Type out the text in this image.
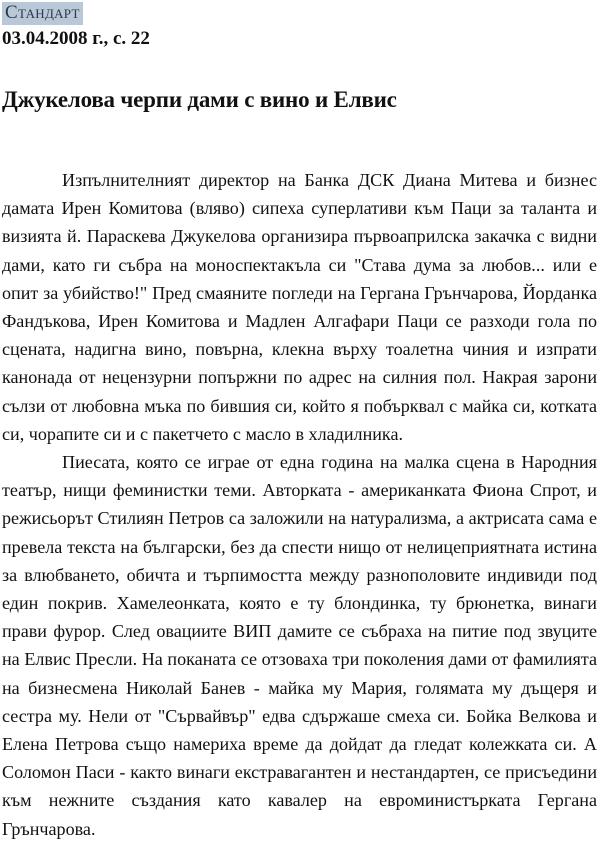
Стандарт
03.04.2008 г., с. 22
Джукелова черпи дами с вино и Елвис

Изпълнителният директор на Банка ДСК Диана Митева и бизнес дамата Ирен Комитова (вляво) сипеха суперлативи към Паци за таланта и визията й. Параскева Джукелова организира първоаприлска закачка с видни дами, като ги събра на моноспектакъла си "Става дума за любов... или е опит за убийство!" Пред смаяните погледи на Гергана Грънчарова, Йорданка Фандъкова, Ирен Комитова и Мадлен Алгафари Паци се разходи гола по сцената, надигна вино, повърна, клекна върху тоалетна чиния и изпрати канонада от нецензурни попържни по адрес на силния пол. Накрая зарони сълзи от любовна мъка по бившия си, който я побърквал с майка си, котката си, чорапите си и с пакетчето с масло в хладилника.

Пиесата, която се играе от една година на малка сцена в Народния театър, нищи феминистки теми. Авторката - американката Фиона Спрот, и режисьорът Стилиян Петров са заложили на натурализма, а актрисата сама е превела текста на български, без да спести нищо от нелицеприятната истина за влюбването, обичта и търпимостта между разнополовите индивиди под един покрив. Хамелеонката, която е ту блондинка, ту брюнетка, винаги прави фурор. След овациите ВИП дамите се събраха на питие под звуците на Елвис Пресли. На поканата се отзоваха три поколения дами от фамилията на бизнесмена Николай Банев - майка му Мария, голямата му дъщеря и сестра му. Нели от "Сървайвър" едва сдържаше смеха си. Бойка Велкова и Елена Петрова също намериха време да дойдат да гледат колежката си. А Соломон Паси - както винаги екстравагантен и нестандартен, се присъедини към нежните създания като кавалер на евроминистърката Гергана Грънчарова.
